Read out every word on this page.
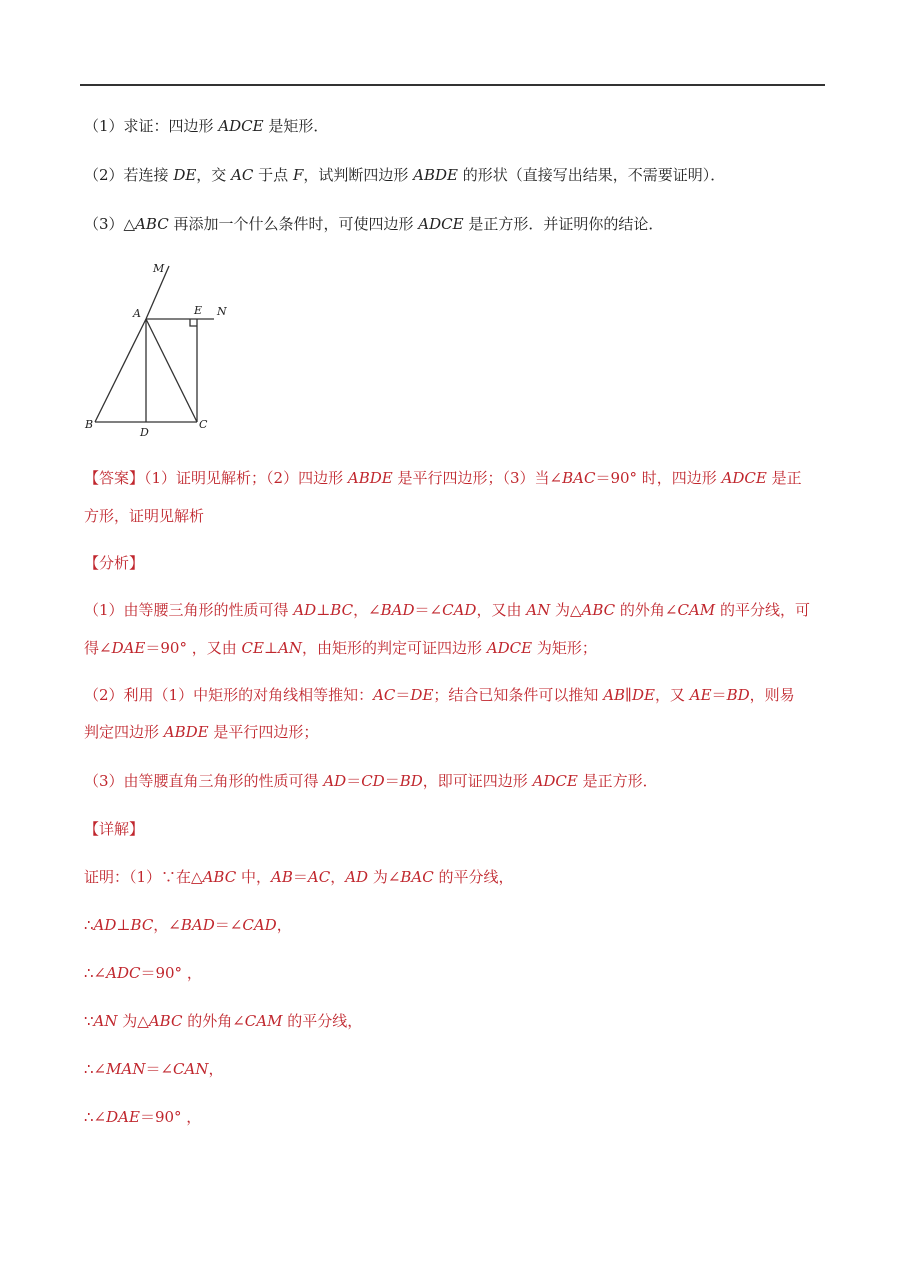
（1）求证：四边形 ADCE 是矩形．
（2）若连接 DE，交 AC 于点 F，试判断四边形 ABDE 的形状（直接写出结果，不需要证明）．
（3）△ABC 再添加一个什么条件时，可使四边形 ADCE 是正方形．并证明你的结论．
M
A	E N
B
D
C
【答案】（1）证明见解析；（2）四边形 ABDE 是平行四边形；（3）当∠BAC＝90° 时，四边形 ADCE 是正
方形，证明见解析
【分析】
（1）由等腰三角形的性质可得 AD⊥BC，∠BAD＝∠CAD，又由 AN 为△ABC 的外角∠CAM 的平分线，可
得∠DAE＝90° ，又由 CE⊥AN，由矩形的判定可证四边形 ADCE 为矩形；
（2）利用（1）中矩形的对角线相等推知：AC＝DE；结合已知条件可以推知 AB∥DE，又 AE＝BD，则易
判定四边形 ABDE 是平行四边形；
（3）由等腰直角三角形的性质可得 AD＝CD＝BD，即可证四边形 ADCE 是正方形．
【详解】
证明：（1）∵在△ABC 中，AB＝AC，AD 为∠BAC 的平分线，
∴AD⊥BC，∠BAD＝∠CAD，
∴∠ADC＝90° ，
∵AN 为△ABC 的外角∠CAM 的平分线，
∴∠MAN＝∠CAN，
∴∠DAE＝90° ，
